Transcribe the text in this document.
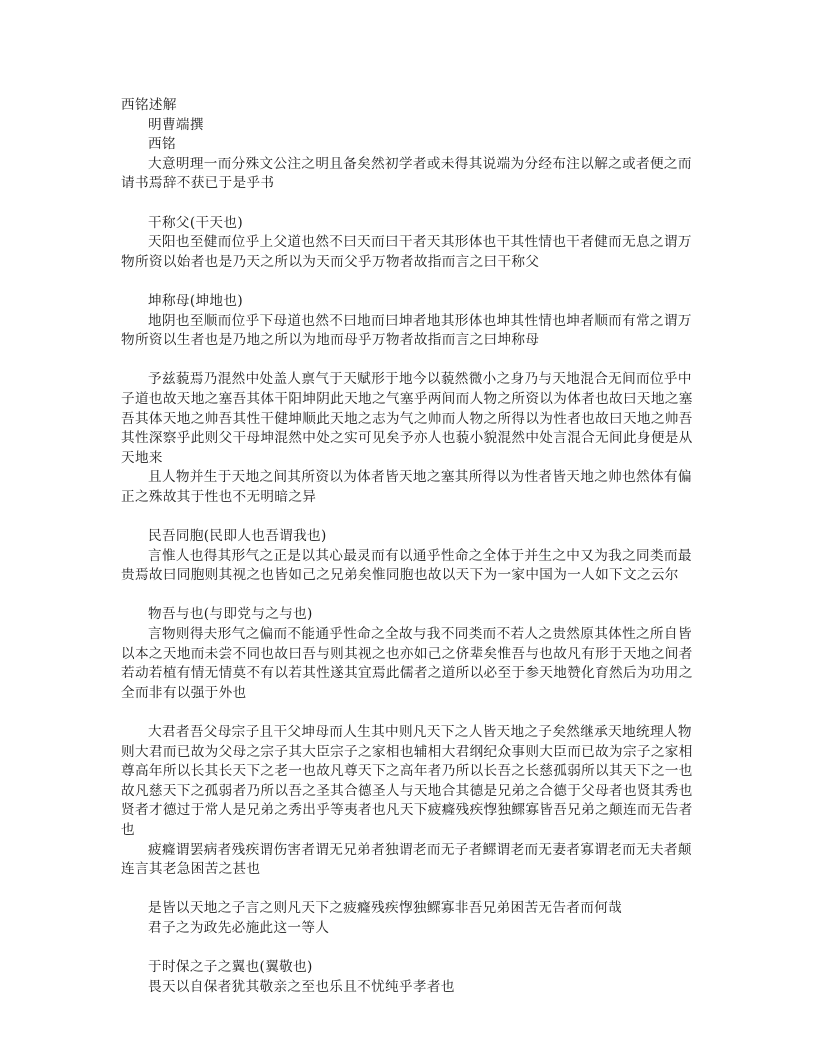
西铭述解
明曹端撰
西铭
大意明理一而分殊文公注之明且备矣然初学者或未得其说端为分经布注以解之或者便之而请书焉辞不获已于是乎书
干称父(干天也)
天阳也至健而位乎上父道也然不曰天而曰干者天其形体也干其性情也干者健而无息之谓万物所资以始者也是乃天之所以为天而父乎万物者故指而言之曰干称父
坤称母(坤地也)
地阴也至顺而位乎下母道也然不曰地而曰坤者地其形体也坤其性情也坤者顺而有常之谓万物所资以生者也是乃地之所以为地而母乎万物者故指而言之曰坤称母
予兹藐焉乃混然中处盖人禀气于天赋形于地今以藐然微小之身乃与天地混合无间而位乎中子道也故天地之塞吾其体干阳坤阴此天地之气塞乎两间而人物之所资以为体者也故曰天地之塞吾其体天地之帅吾其性干健坤顺此天地之志为气之帅而人物之所得以为性者也故曰天地之帅吾其性深察乎此则父干母坤混然中处之实可见矣予亦人也藐小貌混然中处言混合无间此身便是从天地来
且人物并生于天地之间其所资以为体者皆天地之塞其所得以为性者皆天地之帅也然体有偏正之殊故其于性也不无明暗之异
民吾同胞(民即人也吾谓我也)
言惟人也得其形气之正是以其心最灵而有以通乎性命之全体于并生之中又为我之同类而最贵焉故曰同胞则其视之也皆如己之兄弟矣惟同胞也故以天下为一家中国为一人如下文之云尔
物吾与也(与即党与之与也)
言物则得夫形气之偏而不能通乎性命之全故与我不同类而不若人之贵然原其体性之所自皆以本之天地而未尝不同也故曰吾与则其视之也亦如己之侪辈矣惟吾与也故凡有形于天地之间者若动若植有情无情莫不有以若其性遂其宜焉此儒者之道所以必至于参天地赞化育然后为功用之全而非有以强于外也
大君者吾父母宗子且干父坤母而人生其中则凡天下之人皆天地之子矣然继承天地统理人物则大君而已故为父母之宗子其大臣宗子之家相也辅相大君纲纪众事则大臣而已故为宗子之家相尊高年所以长其长天下之老一也故凡尊天下之高年者乃所以长吾之长慈孤弱所以其天下之一也故凡慈天下之孤弱者乃所以吾之圣其合德圣人与天地合其德是兄弟之合德于父母者也贤其秀也贤者才德过于常人是兄弟之秀出乎等夷者也凡天下疲癃残疾惸独鳏寡皆吾兄弟之颠连而无告者也
疲癃谓罢病者残疾谓伤害者谓无兄弟者独谓老而无子者鳏谓老而无妻者寡谓老而无夫者颠连言其老急困苦之甚也
是皆以天地之子言之则凡天下之疲癃残疾惸独鳏寡非吾兄弟困苦无告者而何哉
君子之为政先必施此这一等人
于时保之子之翼也(翼敬也)
畏天以自保者犹其敬亲之至也乐且不忧纯乎孝者也
